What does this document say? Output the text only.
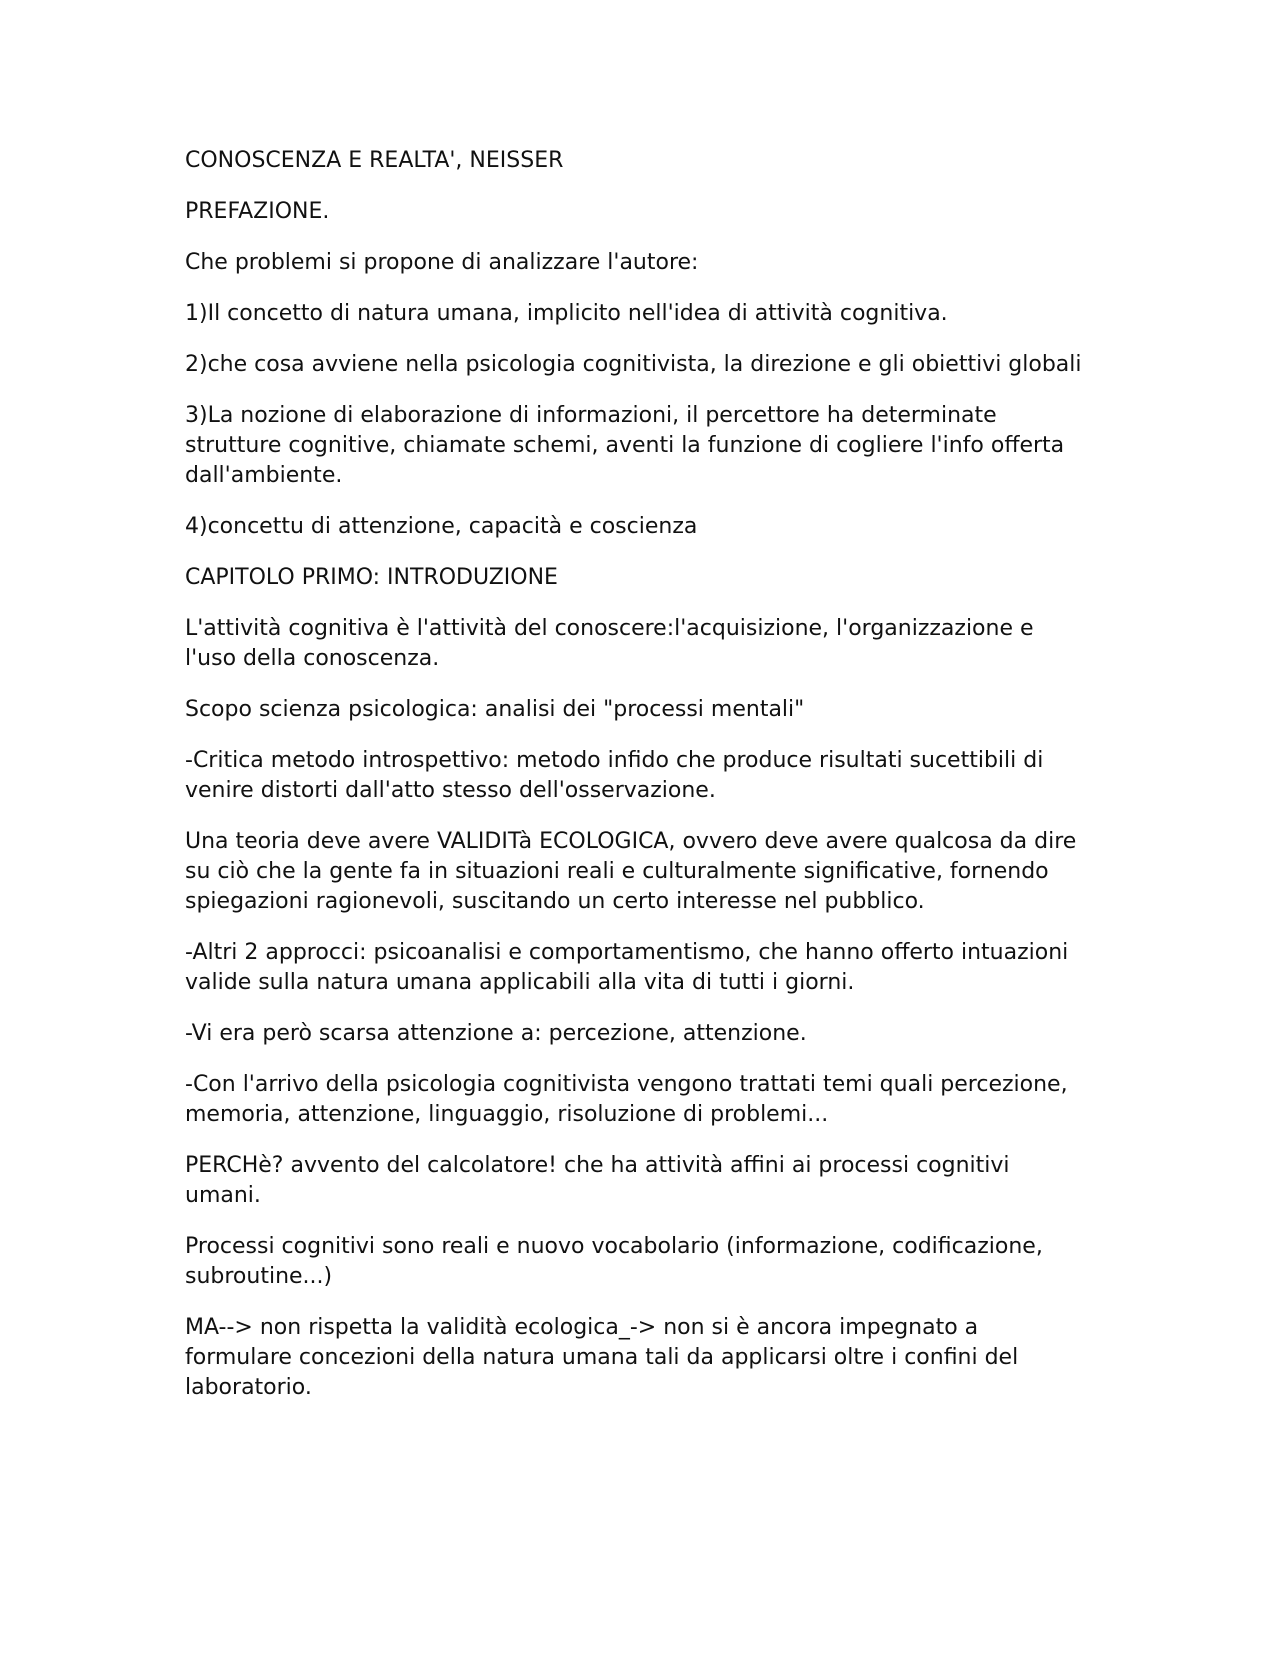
CONOSCENZA E REALTA', NEISSER

PREFAZIONE.

Che problemi si propone di analizzare l'autore:

1)Il concetto di natura umana, implicito nell'idea di attività cognitiva.

2)che cosa avviene nella psicologia cognitivista, la direzione e gli obiettivi globali

3)La nozione di elaborazione di informazioni, il percettore ha determinate strutture cognitive, chiamate schemi, aventi la funzione di cogliere l'info offerta dall'ambiente.

4)concettu di attenzione, capacità e coscienza

CAPITOLO PRIMO: INTRODUZIONE

L'attività cognitiva è l'attività del conoscere:l'acquisizione, l'organizzazione e l'uso della conoscenza.

Scopo scienza psicologica: analisi dei "processi mentali"

-Critica metodo introspettivo: metodo infido che produce risultati sucettibili di venire distorti dall'atto stesso dell'osservazione.

Una teoria deve avere VALIDITà ECOLOGICA, ovvero deve avere qualcosa da dire su ciò che la gente fa in situazioni reali e culturalmente significative, fornendo spiegazioni ragionevoli, suscitando un certo interesse nel pubblico.

-Altri 2 approcci: psicoanalisi e comportamentismo, che hanno offerto intuazioni valide sulla natura umana applicabili alla vita di tutti i giorni.

-Vi era però scarsa attenzione a: percezione, attenzione.

-Con l'arrivo della psicologia cognitivista vengono trattati temi quali percezione, memoria, attenzione, linguaggio, risoluzione di problemi...

PERCHè? avvento del calcolatore! che ha attività affini ai processi cognitivi umani.

Processi cognitivi sono reali e nuovo vocabolario (informazione, codificazione, subroutine...)

MA--> non rispetta la validità ecologica_-> non si è ancora impegnato a formulare concezioni della natura umana tali da applicarsi oltre i confini del laboratorio.
